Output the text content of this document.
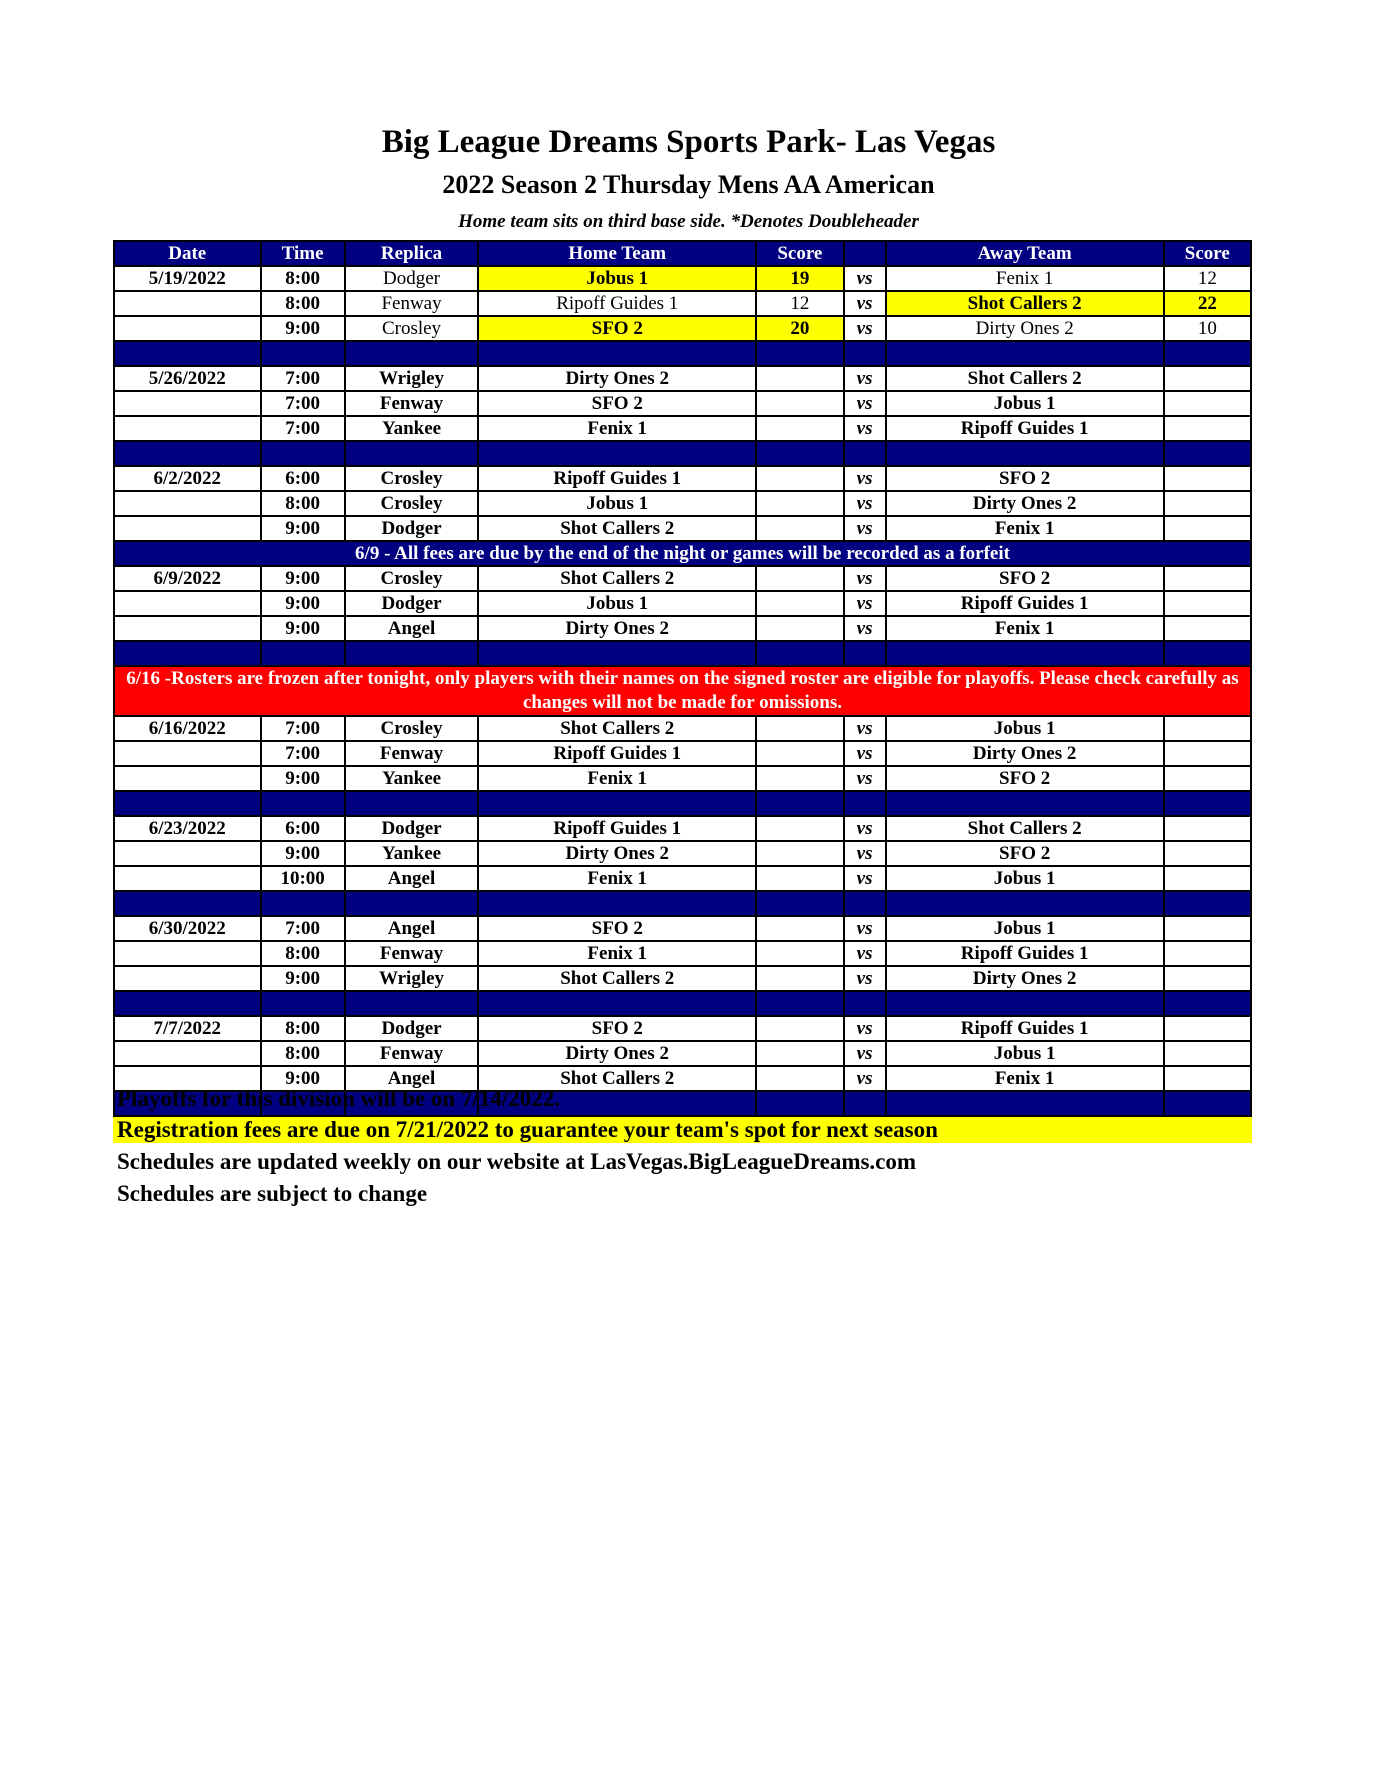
Big League Dreams Sports Park- Las Vegas
2022 Season 2 Thursday Mens AA American
Home team sits on third base side. *Denotes Doubleheader
Date	Time	Replica	Home Team	Score		Away Team	Score
5/19/2022	8:00	Dodger	Jobus 1	19	vs	Fenix 1	12
	8:00	Fenway	Ripoff Guides 1	12	vs	Shot Callers 2	22
	9:00	Crosley	SFO 2	20	vs	Dirty Ones 2	10

5/26/2022	7:00	Wrigley	Dirty Ones 2		vs	Shot Callers 2	
	7:00	Fenway	SFO 2		vs	Jobus 1	
	7:00	Yankee	Fenix 1		vs	Ripoff Guides 1	

6/2/2022	6:00	Crosley	Ripoff Guides 1		vs	SFO 2	
	8:00	Crosley	Jobus 1		vs	Dirty Ones 2	
	9:00	Dodger	Shot Callers 2		vs	Fenix 1	
6/9 - All fees are due by the end of the night or games will be recorded as a forfeit							
6/9/2022	9:00	Crosley	Shot Callers 2		vs	SFO 2	
	9:00	Dodger	Jobus 1		vs	Ripoff Guides 1	
	9:00	Angel	Dirty Ones 2		vs	Fenix 1	

6/16 -Rosters are frozen after tonight, only players with their names on the signed roster are eligible for playoffs. Please check carefully as changes will not be made for omissions.							
6/16/2022	7:00	Crosley	Shot Callers 2		vs	Jobus 1	
	7:00	Fenway	Ripoff Guides 1		vs	Dirty Ones 2	
	9:00	Yankee	Fenix 1		vs	SFO 2	

6/23/2022	6:00	Dodger	Ripoff Guides 1		vs	Shot Callers 2	
	9:00	Yankee	Dirty Ones 2		vs	SFO 2	
	10:00	Angel	Fenix 1		vs	Jobus 1	

6/30/2022	7:00	Angel	SFO 2		vs	Jobus 1	
	8:00	Fenway	Fenix 1		vs	Ripoff Guides 1	
	9:00	Wrigley	Shot Callers 2		vs	Dirty Ones 2	

7/7/2022	8:00	Dodger	SFO 2		vs	Ripoff Guides 1	
	8:00	Fenway	Dirty Ones 2		vs	Jobus 1	
	9:00	Angel	Shot Callers 2		vs	Fenix 1	

Playoffs for this division will be on 7/14/2022.
Registration fees are due on 7/21/2022 to guarantee your team's spot for next season
Schedules are updated weekly on our website at LasVegas.BigLeagueDreams.com
Schedules are subject to change
